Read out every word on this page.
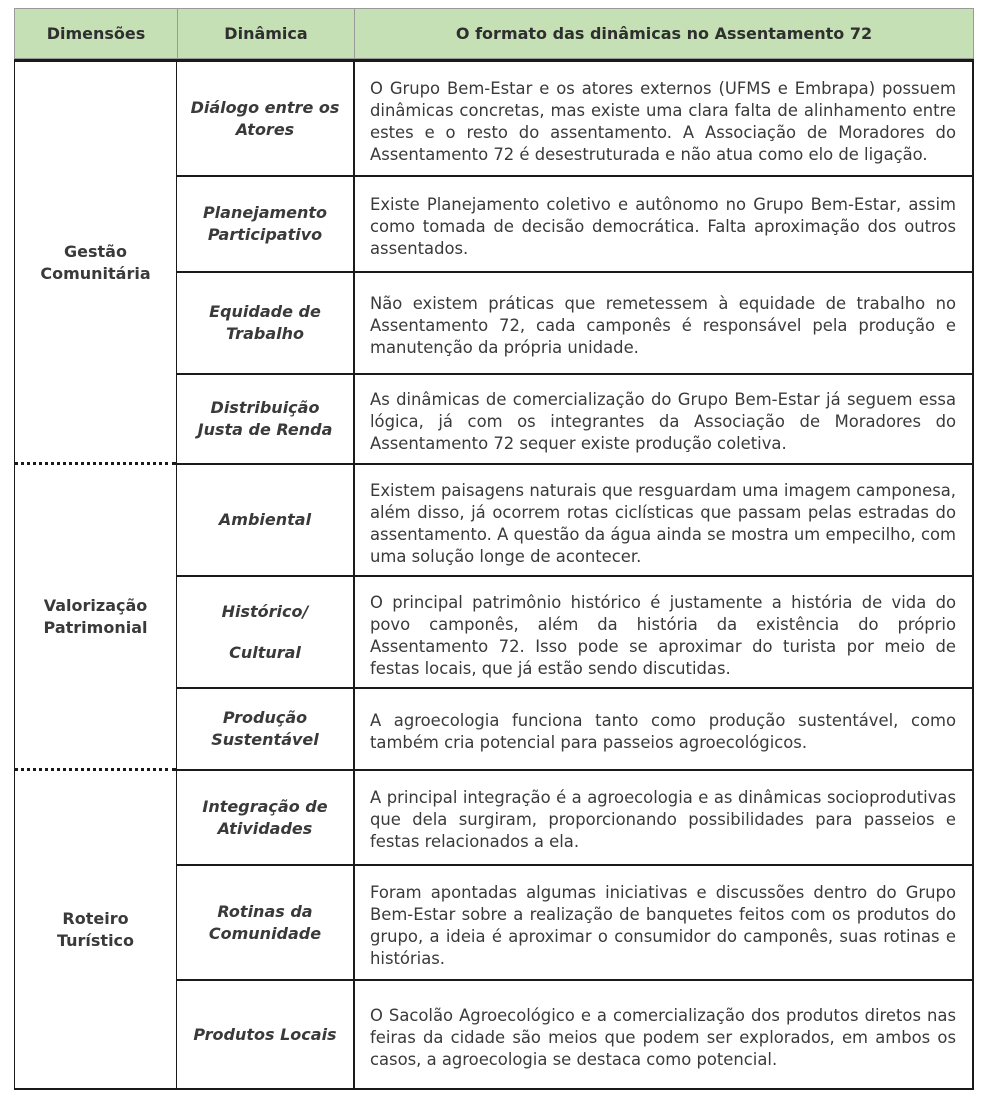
Dimensões	Dinâmica	O formato das dinâmicas no Assentamento 72
Gestão Comunitária
Valorização Patrimonial
Roteiro Turístico
Diálogo entre os Atores
Planejamento Participativo
Equidade de Trabalho
Distribuição Justa de Renda
Ambiental
Histórico/ Cultural
Produção Sustentável
Integração de Atividades
Rotinas da Comunidade
Produtos Locais
O Grupo Bem-Estar e os atores externos (UFMS e Embrapa) possuem dinâmicas concretas, mas existe uma clara falta de alinhamento entre estes e o resto do assentamento. A Associação de Moradores do Assentamento 72 é desestruturada e não atua como elo de ligação.
Existe Planejamento coletivo e autônomo no Grupo Bem-Estar, assim como tomada de decisão democrática. Falta aproximação dos outros assentados.
Não existem práticas que remetessem à equidade de trabalho no Assentamento 72, cada camponês é responsável pela produção e manutenção da própria unidade.
As dinâmicas de comercialização do Grupo Bem-Estar já seguem essa lógica, já com os integrantes da Associação de Moradores do Assentamento 72 sequer existe produção coletiva.
Existem paisagens naturais que resguardam uma imagem camponesa, além disso, já ocorrem rotas ciclísticas que passam pelas estradas do assentamento. A questão da água ainda se mostra um empecilho, com uma solução longe de acontecer.
O principal patrimônio histórico é justamente a história de vida do povo camponês, além da história da existência do próprio Assentamento 72. Isso pode se aproximar do turista por meio de festas locais, que já estão sendo discutidas.
A agroecologia funciona tanto como produção sustentável, como também cria potencial para passeios agroecológicos.
A principal integração é a agroecologia e as dinâmicas socioprodutivas que dela surgiram, proporcionando possibilidades para passeios e festas relacionados a ela.
Foram apontadas algumas iniciativas e discussões dentro do Grupo Bem-Estar sobre a realização de banquetes feitos com os produtos do grupo, a ideia é aproximar o consumidor do camponês, suas rotinas e histórias.
O Sacolão Agroecológico e a comercialização dos produtos diretos nas feiras da cidade são meios que podem ser explorados, em ambos os casos, a agroecologia se destaca como potencial.
